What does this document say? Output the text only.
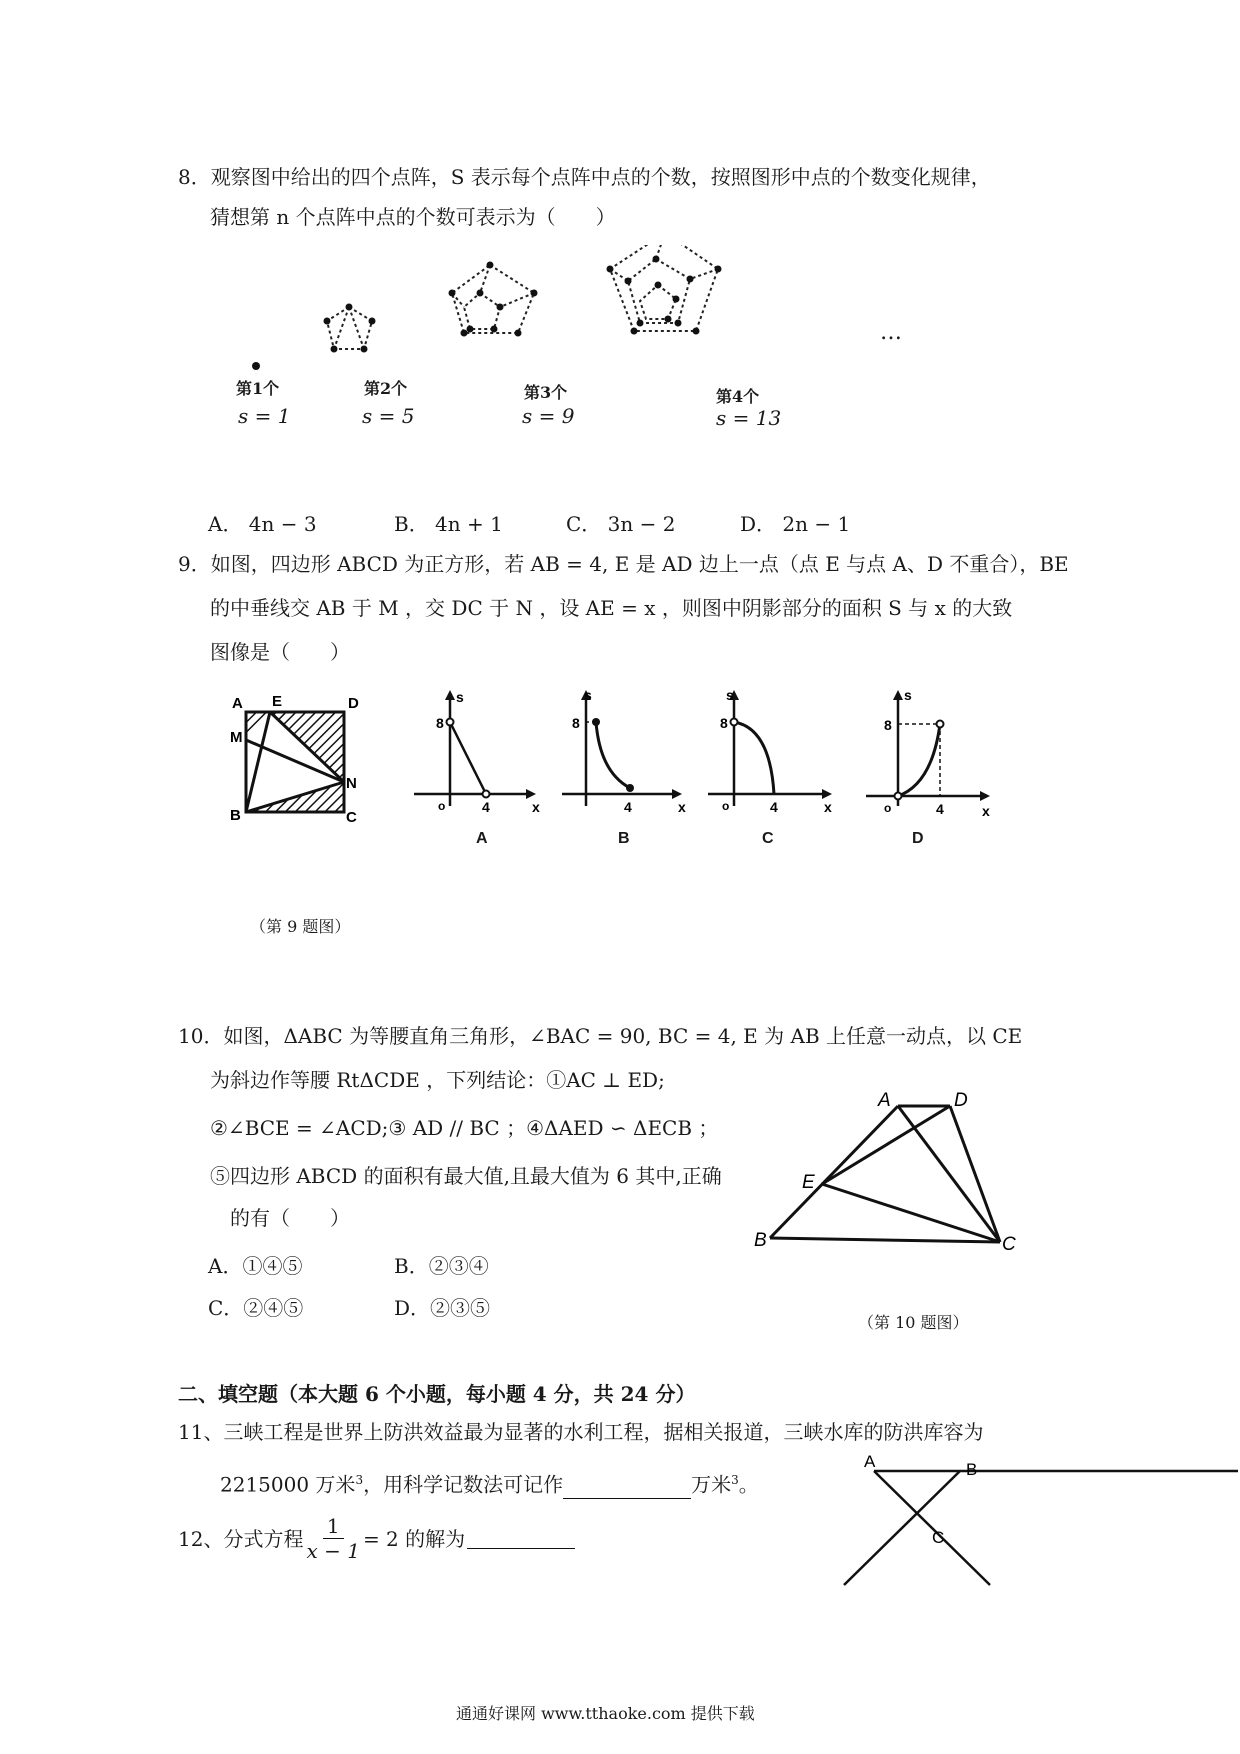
8．观察图中给出的四个点阵，S 表示每个点阵中点的个数，按照图形中点的个数变化规律，
猜想第 n 个点阵中点的个数可表示为（　　）
…
第1个
s = 1
第2个
s = 5
第3个
s = 9
第4个
s = 13
A． 4n − 3	B． 4n + 1	C． 3n − 2	D． 2n − 1
9．如图，四边形 ABCD 为正方形，若 AB = 4, E 是 AD 边上一点（点 E 与点 A、D 不重合），BE
的中垂线交 AB 于 M ，交 DC 于 N ，设 AE = x ，则图中阴影部分的面积 S 与 x 的大致
图像是（　　）
A E	D
M
N
B	C
s
8
o	4	x
A
s
8
4	x
B
s
8
o	4	x
C
s
8
o	4	x
D
（第 9 题图）
10．如图，ΔABC 为等腰直角三角形，∠BAC = 90, BC = 4, E 为 AB 上任意一动点，以 CE
为斜边作等腰 RtΔCDE ，下列结论：①AC ⊥ ED;
②∠BCE = ∠ACD;③ AD // BC ；④ΔAED ∽ ΔECB ；
⑤四边形 ABCD 的面积有最大值,且最大值为 6 其中,正确
的有（　　）
A．①④⑤	B．②③④
C．②④⑤	D．②③⑤
A	D
E
B	C
（第 10 题图）
二、填空题（本大题 6 个小题，每小题 4 分，共 24 分）
11、三峡工程是世界上防洪效益最为显著的水利工程，据相关报道，三峡水库的防洪库容为
2215000 万米$^3$，用科学记数法可记作	万米$^3$。
A	B
C
12、分式方程 $\frac{1}{x - 1} = 2$ 的解为
通通好课网 www.tthaoke.com 提供下载
